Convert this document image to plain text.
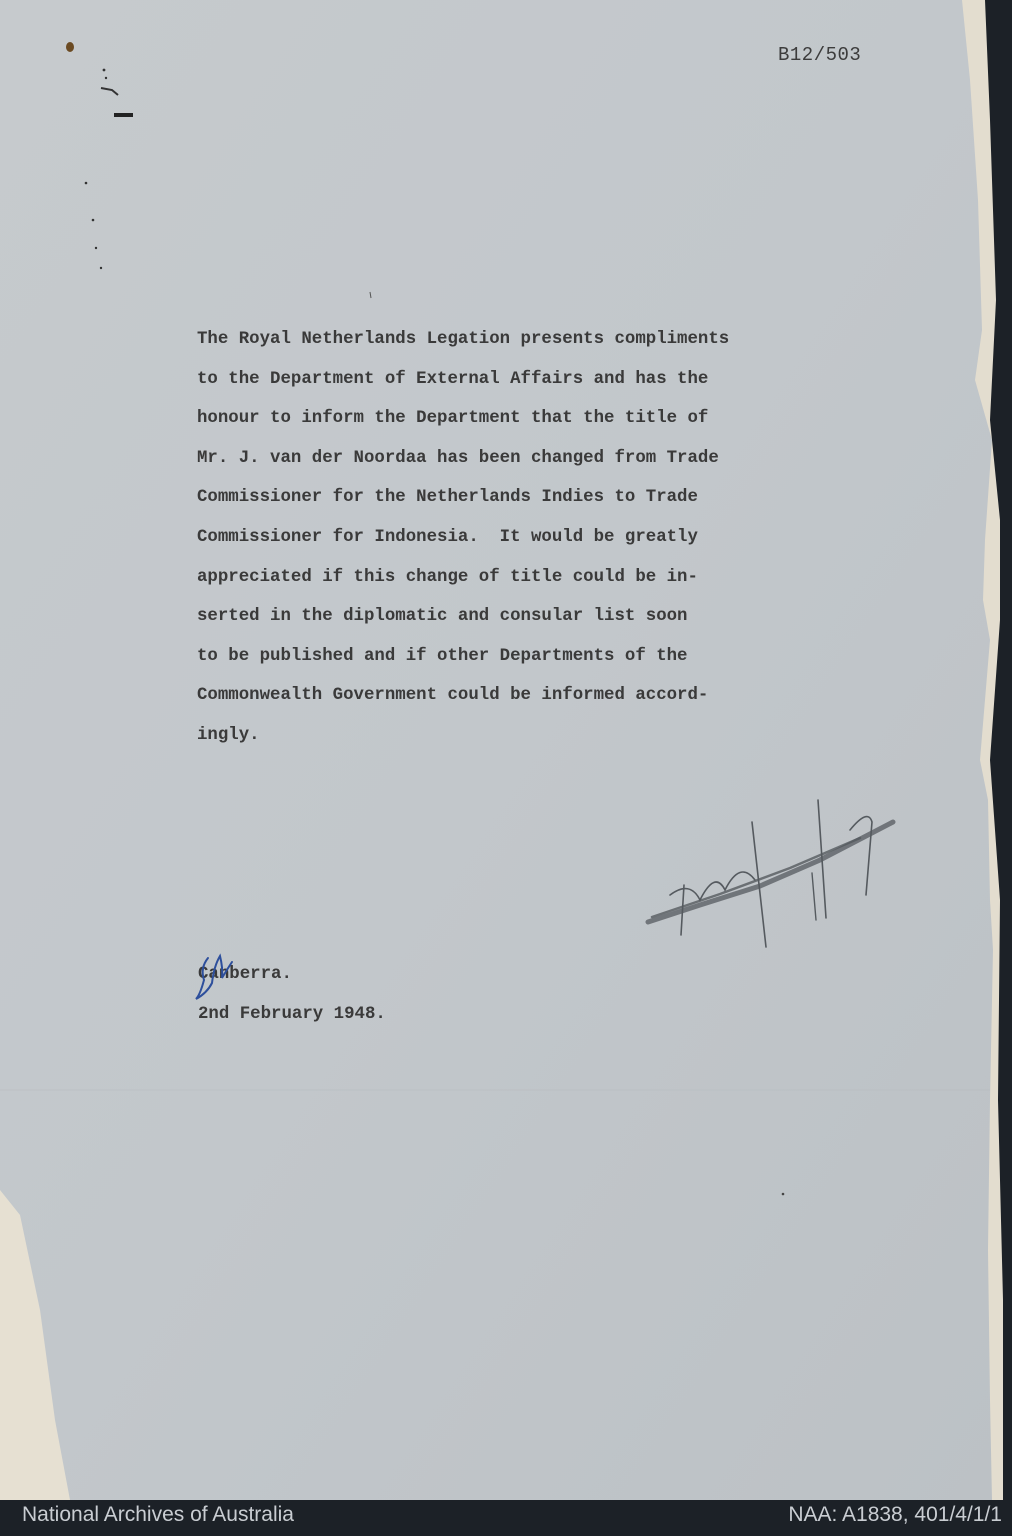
B12/503
The Royal Netherlands Legation presents compliments
to the Department of External Affairs and has the
honour to inform the Department that the title of
Mr. J. van der Noordaa has been changed from Trade
Commissioner for the Netherlands Indies to Trade
Commissioner for Indonesia.  It would be greatly
appreciated if this change of title could be in-
serted in the diplomatic and consular list soon
to be published and if other Departments of the
Commonwealth Government could be informed accord-
ingly.
Canberra.
2nd February 1948.
National Archives of Australia	NAA: A1838, 401/4/1/1
